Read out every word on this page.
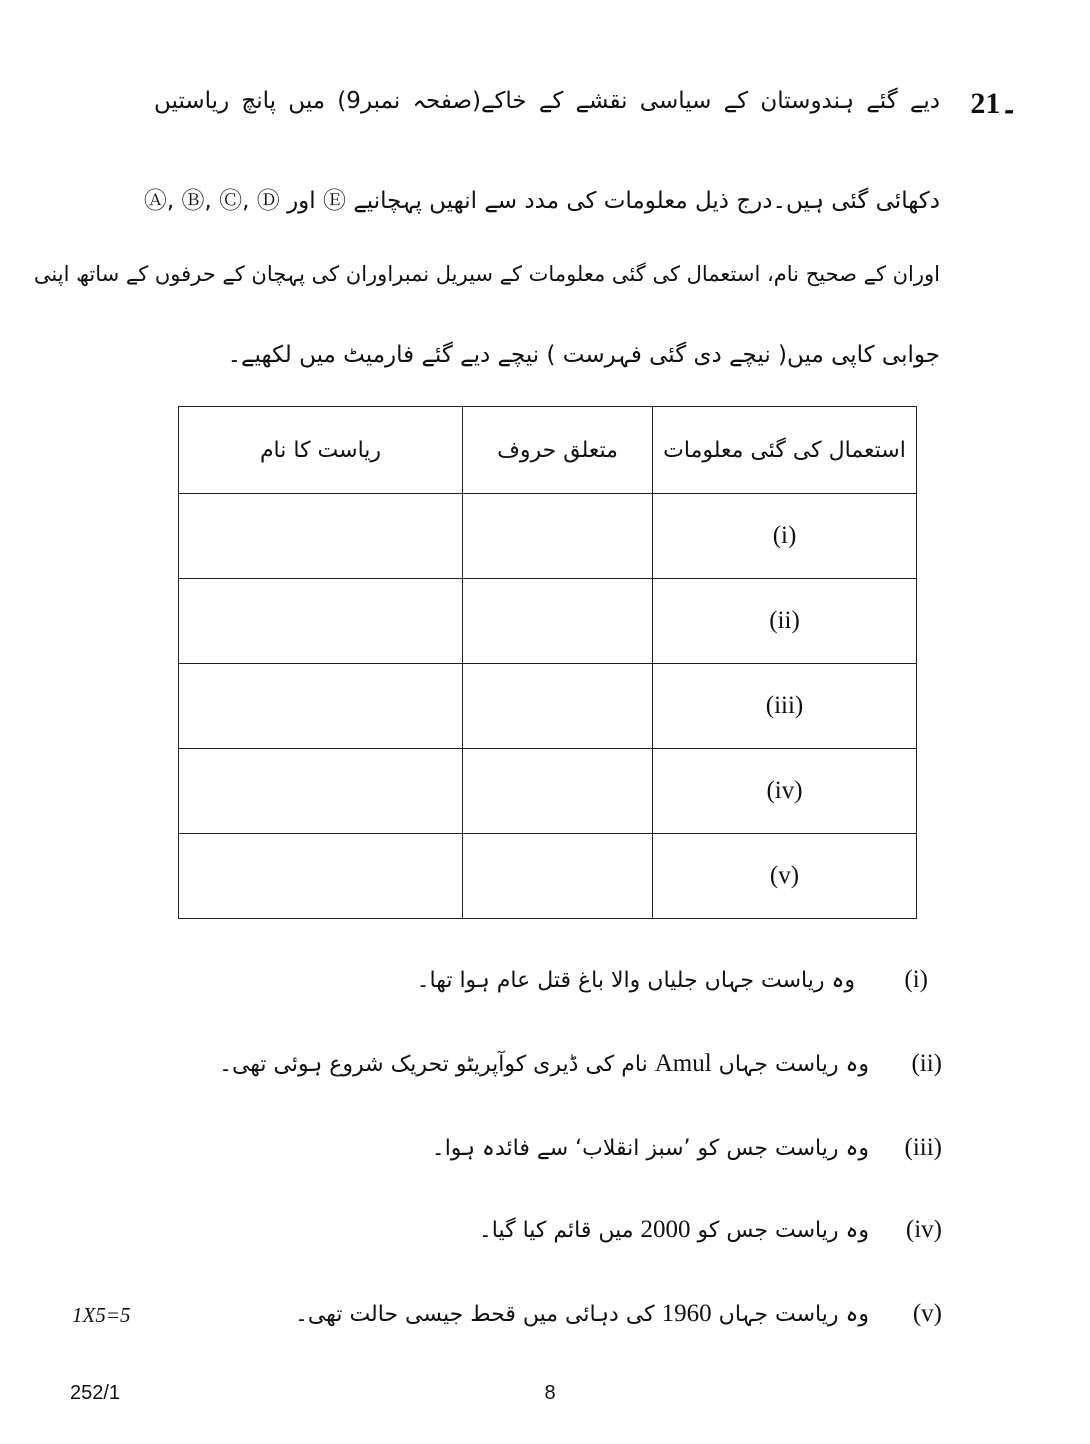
21۔
دیے گئے ہندوستان کے سیاسی نقشے کے خاکے(صفحہ نمبر9) میں پانچ ریاستیں
دکھائی گئی ہیں۔درج ذیل معلومات کی مدد سے انھیں پہچانیے Ⓔ اور Ⓐ, Ⓑ, Ⓒ, Ⓓ
اوران کے صحیح نام، استعمال کی گئی معلومات کے سیریل نمبراوران کی پہچان کے حرفوں کے ساتھ اپنی
جوابی کاپی میں( نیچے دی گئی فہرست ) نیچے دیے گئے فارمیٹ میں لکھیے۔
استعمال کی گئی معلومات	متعلق حروف	ریاست کا نام
(i)		
(ii)		
(iii)		
(iv)		
(v)		
(i) وہ ریاست جہاں جلیاں والا باغ قتل عام ہوا تھا۔
(ii) وہ ریاست جہاں Amul نام کی ڈیری کوآپریٹو تحریک شروع ہوئی تھی۔
(iii) وہ ریاست جس کو ’سبز انقلاب‘ سے فائدہ ہوا۔
(iv) وہ ریاست جس کو 2000 میں قائم کیا گیا۔
(v) وہ ریاست جہاں 1960 کی دہائی میں قحط جیسی حالت تھی۔
1X5=5
252/1	8
